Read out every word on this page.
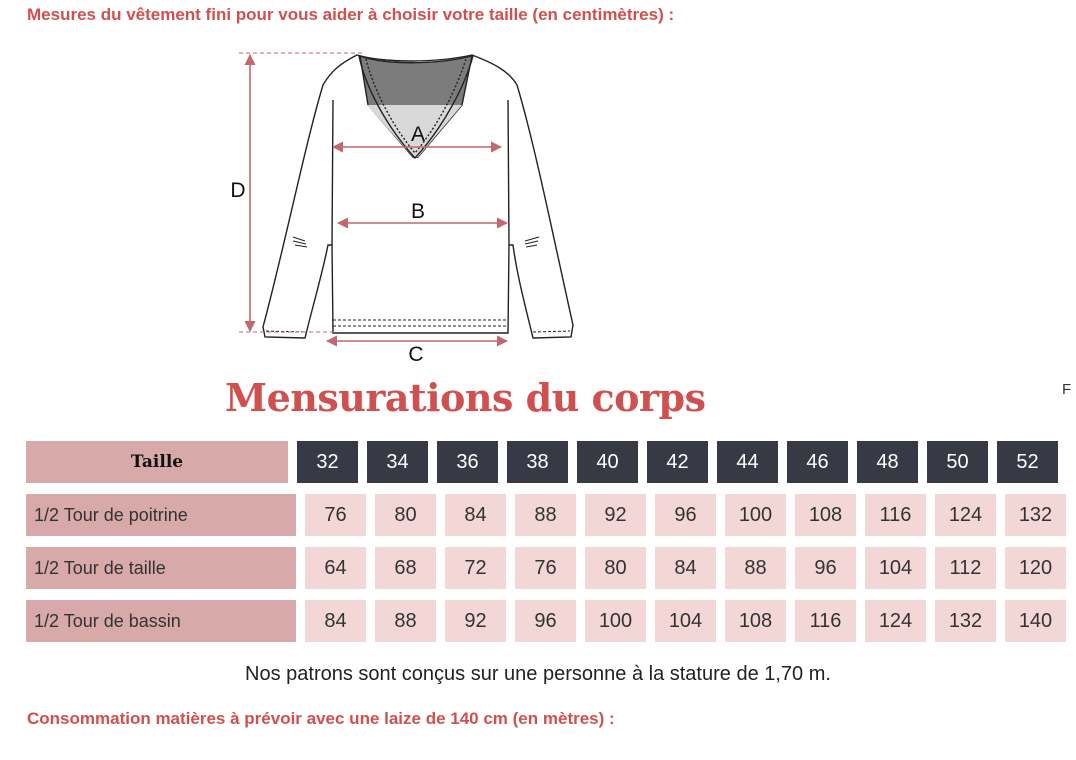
Mesures du vêtement fini pour vous aider à choisir votre taille (en centimètres) :

A
B
C
D
Mensurations du corps	F
Taille	32	34	36	38	40	42	44	46	48	50	52
1/2 Tour de poitrine	76	80	84	88	92	96	100	108	116	124	132
1/2 Tour de taille	64	68	72	76	80	84	88	96	104	112	120
1/2 Tour de bassin	84	88	92	96	100	104	108	116	124	132	140

Nos patrons sont conçus sur une personne à la stature de 1,70 m.

Consommation matières à prévoir avec une laize de 140 cm (en mètres) :
